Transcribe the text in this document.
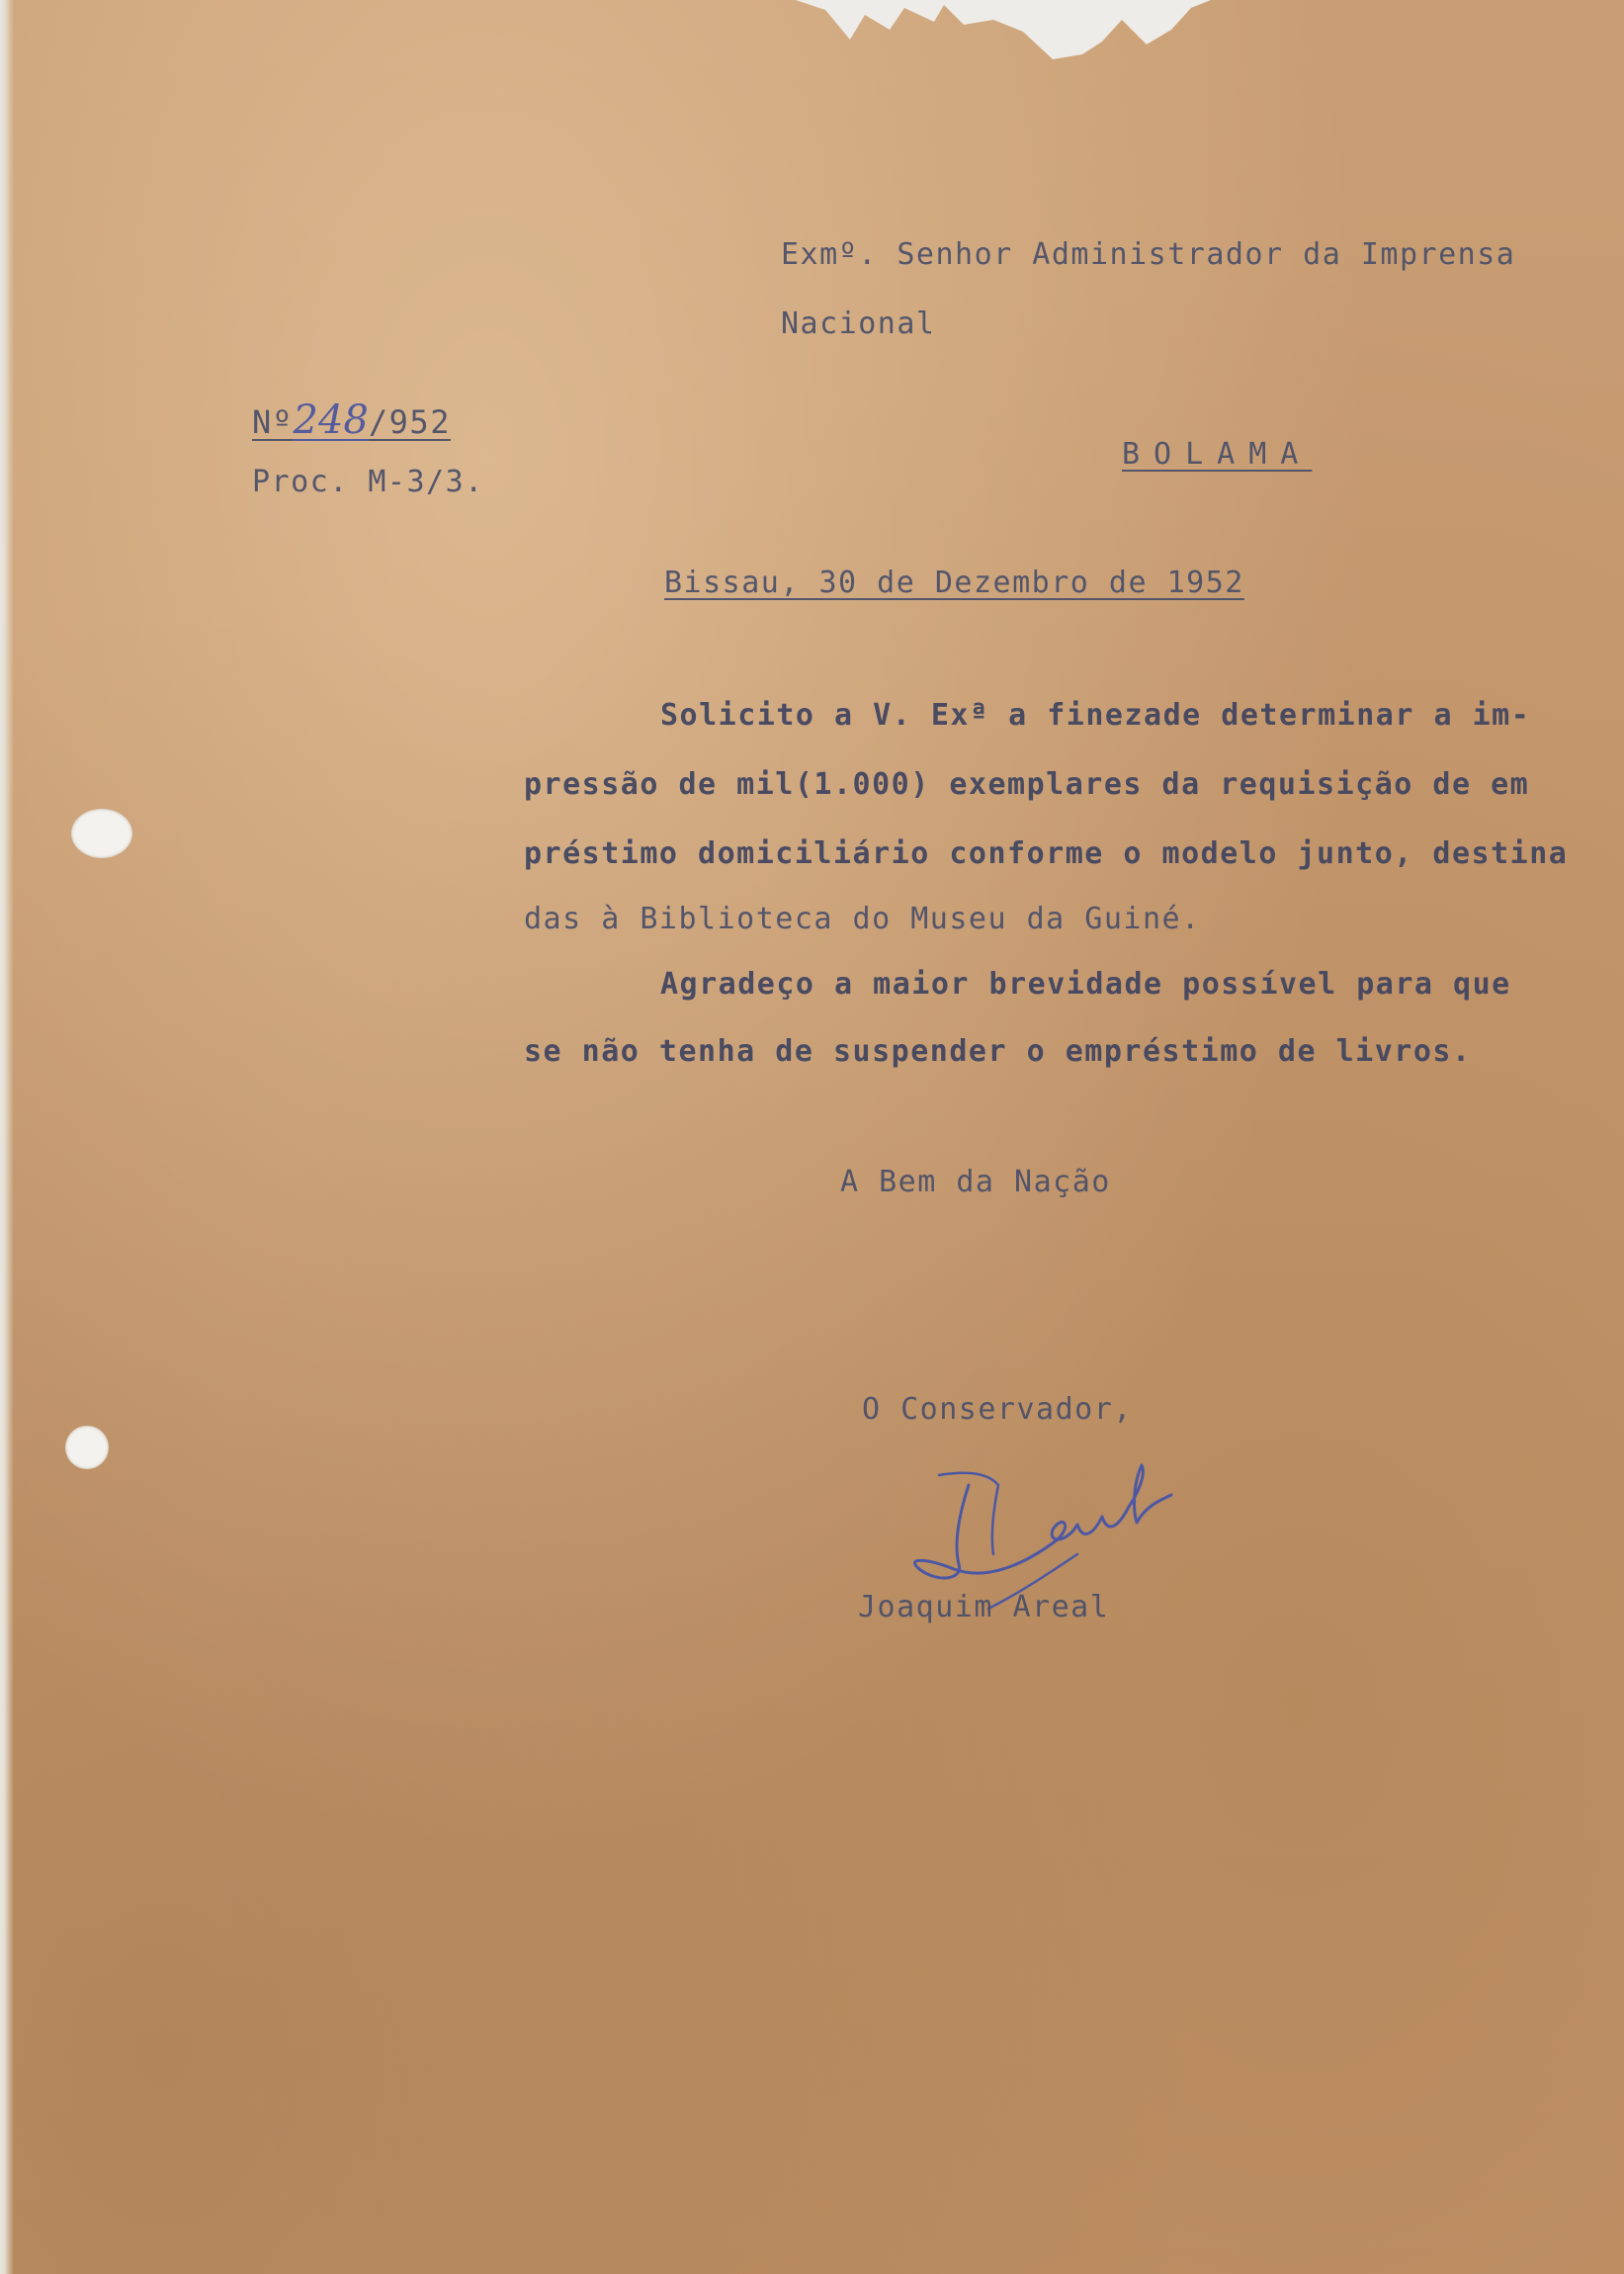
Exmº. Senhor Administrador da Imprensa
Nacional
Nº248/952
Proc. M-3/3.
BOLAMA
Bissau, 30 de Dezembro de 1952
Solicito a V. Exª a finezade determinar a im-
pressão de mil(1.000) exemplares da requisição de em
préstimo domiciliário conforme o modelo junto, destina
das à Biblioteca do Museu da Guiné.
Agradeço a maior brevidade possível para que
se não tenha de suspender o empréstimo de livros.
A Bem da Nação
O Conservador,
Joaquim Areal
